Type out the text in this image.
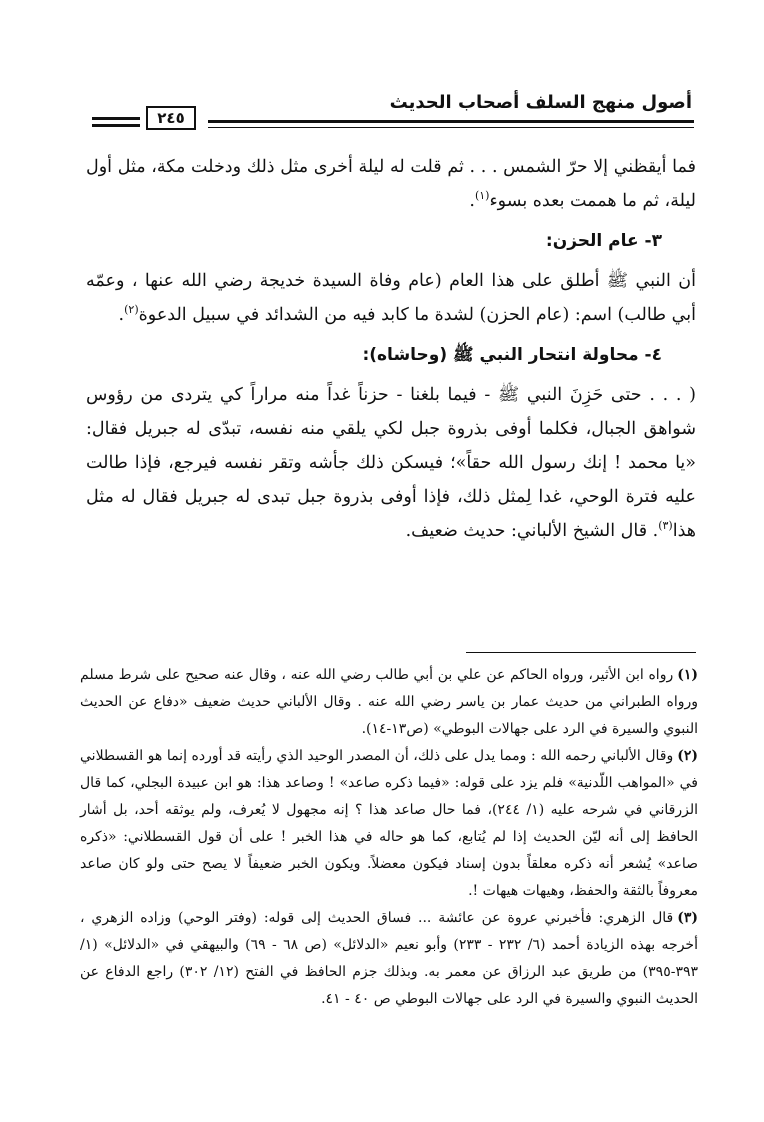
أصول منهج السلف أصحاب الحديث
٢٤٥

فما أيقظني إلا حرّ الشمس . . . ثم قلت له ليلة أخرى مثل ذلك ودخلت مكة، مثل أول ليلة، ثم ما هممت بعده بسوء$^{(١)}$.

٣- عام الحزن:

أن النبي ﷺ أطلق على هذا العام (عام وفاة السيدة خديجة رضي الله عنها ، وعمّه أبي طالب) اسم: (عام الحزن) لشدة ما كابد فيه من الشدائد في سبيل الدعوة$^{(٢)}$.

٤- محاولة انتحار النبي ﷺ (وحاشاه):

( . . . حتى حَزِنَ النبي ﷺ - فيما بلغنا - حزناً غداً منه مراراً كي يتردى من رؤوس شواهق الجبال، فكلما أوفى بذروة جبل لكي يلقي منه نفسه، تبدّى له جبريل فقال: «يا محمد ! إنك رسول الله حقاً»؛ فيسكن ذلك جأشه وتقر نفسه فيرجع، فإذا طالت عليه فترة الوحي، غدا لِمثل ذلك، فإذا أوفى بذروة جبل تبدى له جبريل فقال له مثل هذا$^{(٣)}$. قال الشيخ الألباني: حديث ضعيف.

(١)رواه ابن الأثير، ورواه الحاكم عن علي بن أبي طالب رضي الله عنه ، وقال عنه صحيح على شرط مسلم ورواه الطبراني من حديث عمار بن ياسر رضي الله عنه . وقال الألباني حديث ضعيف «دفاع عن الحديث النبوي والسيرة في الرد على جهالات البوطي» (ص١٣-١٤).

(٢)وقال الألباني رحمه الله : ومما يدل على ذلك، أن المصدر الوحيد الذي رأيته قد أورده إنما هو القسطلاني في «المواهب اللّدنية» فلم يزد على قوله: «فيما ذكره صاعد» ! وصاعد هذا: هو ابن عبيدة البجلي، كما قال الزرقاني في شرحه عليه (١/ ٢٤٤)، فما حال صاعد هذا ؟ إنه مجهول لا يُعرف، ولم يوثقه أحد، بل أشار الحافظ إلى أنه ليّن الحديث إذا لم يُتابع، كما هو حاله في هذا الخبر ! على أن قول القسطلاني: «ذكره صاعد» يُشعر أنه ذكره معلقاً بدون إسناد فيكون معضلاً. ويكون الخبر ضعيفاً لا يصح حتى ولو كان صاعد معروفاً بالثقة والحفظ، وهيهات هيهات !.

(٣)قال الزهري: فأخبرني عروة عن عائشة ... فساق الحديث إلى قوله: (وفتر الوحي) وزاده الزهري ، أخرجه بهذه الزيادة أحمد (٦/ ٢٣٢ - ٢٣٣) وأبو نعيم «الدلائل» (ص ٦٨ - ٦٩) والبيهقي في «الدلائل» (١/ ٣٩٣-٣٩٥) من طريق عبد الرزاق عن معمر به. وبذلك جزم الحافظ في الفتح (١٢/ ٣٠٢) راجع الدفاع عن الحديث النبوي والسيرة في الرد على جهالات البوطي ص ٤٠ - ٤١.
